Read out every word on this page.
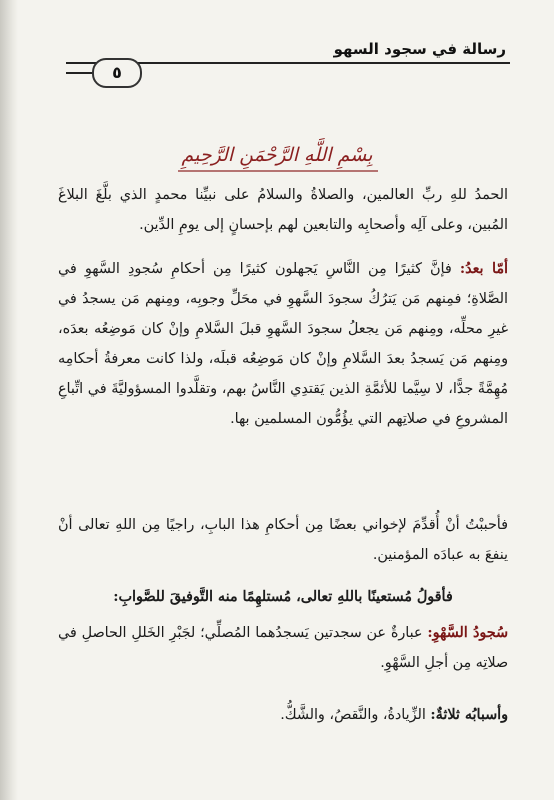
رسالة في سجود السهو
٥
بِسْمِ اللَّهِ الرَّحْمَنِ الرَّحِيمِ
الحمدُ للهِ ربِّ العالمين، والصلاةُ والسلامُ على نبيِّنا محمدٍ الذي بلَّغَ البلاغَ المُبين، وعلى آلِه وأصحابِه والتابعين لهم بإحسانٍ إلى يومِ الدِّين.
أمّا بعدُ: فإنَّ كثيرًا مِن النَّاسِ يَجهلون كثيرًا مِن أحكامِ سُجودِ السَّهوِ في الصَّلاةِ؛ فمِنهم مَن يَترُكُ سجودَ السَّهوِ في محَلِّ وجوبِه، ومِنهم مَن يسجدُ في غيرِ محلِّه، ومِنهم مَن يجعلُ سجودَ السَّهوِ قبلَ السَّلامِ وإنْ كان مَوضِعُه بعدَه، ومِنهم مَن يَسجدُ بعدَ السَّلامِ وإنْ كان مَوضِعُه قبلَه، ولذا كانت معرفةُ أحكامِه مُهِمَّةً جدًّا، لا سِيَّما للأئمَّةِ الذين يَقتدِي النَّاسُ بهم، وتقلَّدوا المسؤوليَّةَ في اتِّباعِ المشروعِ في صلاتِهم التي يؤُمُّون المسلمين بها.
فأحببْتُ أنْ أُقدِّمَ لإخواني بعضًا مِن أحكامِ هذا البابِ، راجيًا مِن اللهِ تعالى أنْ ينفعَ به عبادَه المؤمنين.
فأقولُ مُستعينًا باللهِ تعالى، مُستلهِمًا منه التَّوفيقَ للصَّوابِ:
سُجودُ السَّهْوِ: عبارةٌ عن سجدتين يَسجدُهما المُصلِّي؛ لجَبْرِ الخَللِ الحاصلِ في صلاتِه مِن أجلِ السَّهْوِ.
وأسبابُه ثلاثةٌ: الزِّيادةُ، والنَّقصُ، والشَّكُّ.
